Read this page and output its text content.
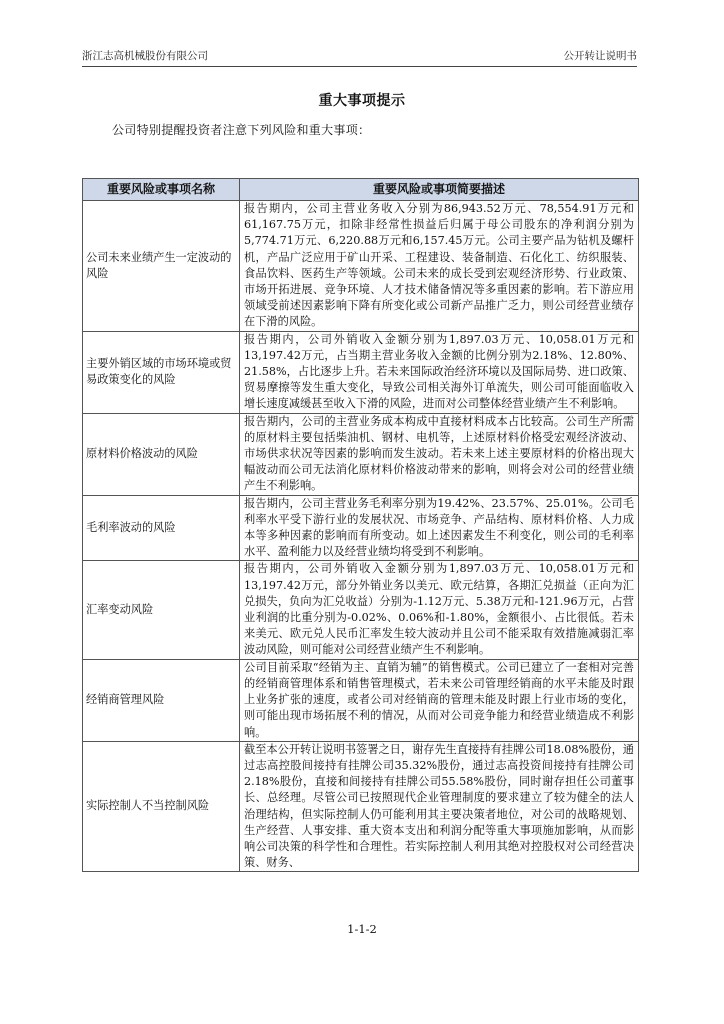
浙江志高机械股份有限公司	公开转让说明书
重大事项提示
公司特别提醒投资者注意下列风险和重大事项：
重要风险或事项名称	重要风险或事项简要描述
公司未来业绩产生一定波动的风险	报告期内，公司主营业务收入分别为86,943.52万元、78,554.91万元和61,167.75万元，扣除非经常性损益后归属于母公司股东的净利润分别为5,774.71万元、6,220.88万元和6,157.45万元。公司主要产品为钻机及螺杆机，产品广泛应用于矿山开采、工程建设、装备制造、石化化工、纺织服装、食品饮料、医药生产等领域。公司未来的成长受到宏观经济形势、行业政策、市场开拓进展、竞争环境、人才技术储备情况等多重因素的影响。若下游应用领域受前述因素影响下降有所变化或公司新产品推广乏力，则公司经营业绩存在下滑的风险。
主要外销区域的市场环境或贸易政策变化的风险	报告期内，公司外销收入金额分别为1,897.03万元、10,058.01万元和13,197.42万元，占当期主营业务收入金额的比例分别为2.18%、12.80%、21.58%，占比逐步上升。若未来国际政治经济环境以及国际局势、进口政策、贸易摩擦等发生重大变化，导致公司相关海外订单流失，则公司可能面临收入增长速度减缓甚至收入下滑的风险，进而对公司整体经营业绩产生不利影响。
原材料价格波动的风险	报告期内，公司的主营业务成本构成中直接材料成本占比较高。公司生产所需的原材料主要包括柴油机、钢材、电机等，上述原材料价格受宏观经济波动、市场供求状况等因素的影响而发生波动。若未来上述主要原材料的价格出现大幅波动而公司无法消化原材料价格波动带来的影响，则将会对公司的经营业绩产生不利影响。
毛利率波动的风险	报告期内，公司主营业务毛利率分别为19.42%、23.57%、25.01%。公司毛利率水平受下游行业的发展状况、市场竞争、产品结构、原材料价格、人力成本等多种因素的影响而有所变动。如上述因素发生不利变化，则公司的毛利率水平、盈利能力以及经营业绩均将受到不利影响。
汇率变动风险	报告期内，公司外销收入金额分别为1,897.03万元、10,058.01万元和13,197.42万元，部分外销业务以美元、欧元结算，各期汇兑损益（正向为汇兑损失，负向为汇兑收益）分别为-1.12万元、5.38万元和-121.96万元，占营业利润的比重分别为-0.02%、0.06%和-1.80%，金额很小、占比很低。若未来美元、欧元兑人民币汇率发生较大波动并且公司不能采取有效措施减弱汇率波动风险，则可能对公司经营业绩产生不利影响。
经销商管理风险	公司目前采取“经销为主、直销为辅”的销售模式。公司已建立了一套相对完善的经销商管理体系和销售管理模式，若未来公司管理经销商的水平未能及时跟上业务扩张的速度，或者公司对经销商的管理未能及时跟上行业市场的变化，则可能出现市场拓展不利的情况，从而对公司竞争能力和经营业绩造成不利影响。
实际控制人不当控制风险	截至本公开转让说明书签署之日，谢存先生直接持有挂牌公司18.08%股份，通过志高控股间接持有挂牌公司35.32%股份，通过志高投资间接持有挂牌公司2.18%股份，直接和间接持有挂牌公司55.58%股份，同时谢存担任公司董事长、总经理。尽管公司已按照现代企业管理制度的要求建立了较为健全的法人治理结构，但实际控制人仍可能利用其主要决策者地位，对公司的战略规划、生产经营、人事安排、重大资本支出和利润分配等重大事项施加影响，从而影响公司决策的科学性和合理性。若实际控制人利用其绝对控股权对公司经营决策、财务、
1-1-2
